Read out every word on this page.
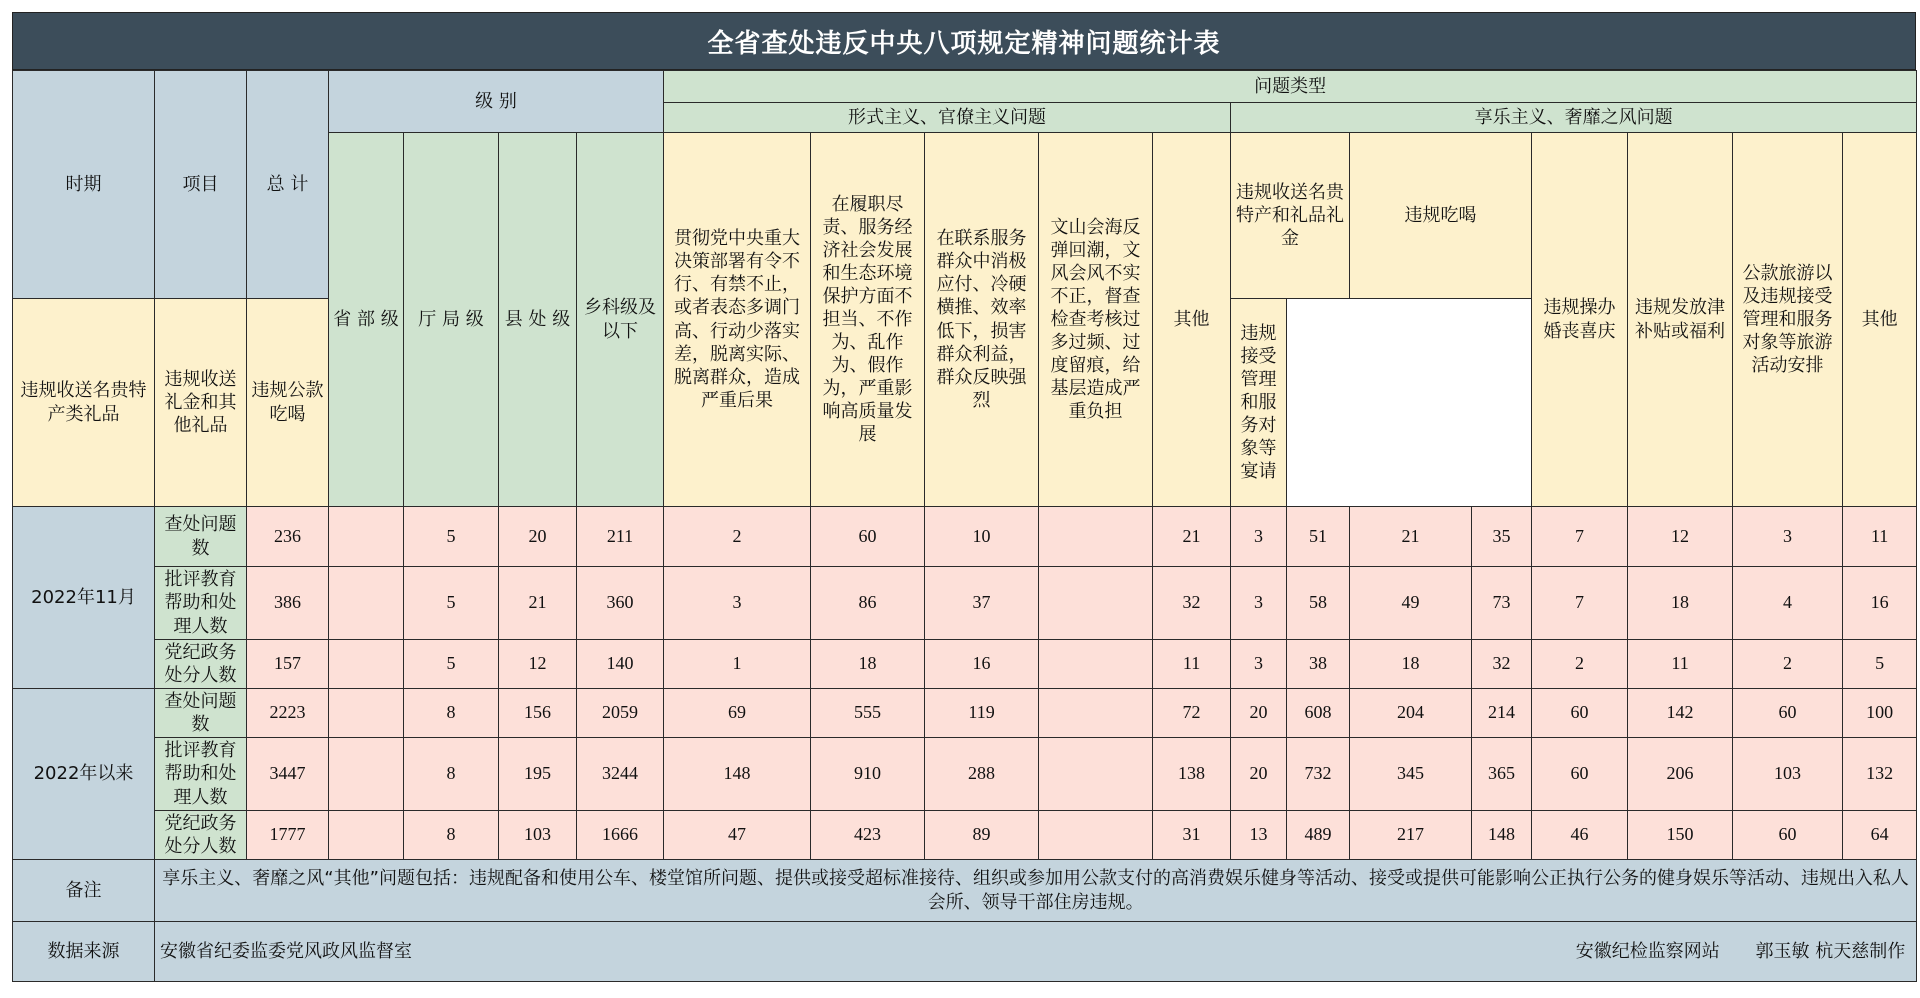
全省查处违反中央八项规定精神问题统计表
时期	项目	总 计	级 别				问题类型												
							形式主义、官僚主义问题					享乐主义、奢靡之风问题							
			省 部 级	厅 局 级	县 处 级	乡科级及以下	贯彻党中央重大决策部署有令不行、有禁不止，或者表态多调门高、行动少落实差，脱离实际、脱离群众，造成严重后果	在履职尽责、服务经济社会发展和生态环境保护方面不担当、不作为、乱作为、假作为，严重影响高质量发展	在联系服务群众中消极应付、冷硬横推、效率低下，损害群众利益，群众反映强烈	文山会海反弹回潮，文风会风不实不正，督查检查考核过多过频、过度留痕，给基层造成严重负担	其他	违规收送名贵特产和礼品礼金		违规吃喝		违规操办婚丧喜庆	违规发放津补贴或福利	公款旅游以及违规接受管理和服务对象等旅游活动安排	其他
违规收送名贵特产类礼品	违规收送礼金和其他礼品	违规公款吃喝										违规接受管理和服务对象等宴请							
2022年11月	查处问题数	236		5	20	211	2	60	10		21	3	51	21	35	7	12	3	11
	批评教育帮助和处理人数	386		5	21	360	3	86	37		32	3	58	49	73	7	18	4	16
	党纪政务处分人数	157		5	12	140	1	18	16		11	3	38	18	32	2	11	2	5
2022年以来	查处问题数	2223		8	156	2059	69	555	119		72	20	608	204	214	60	142	60	100
	批评教育帮助和处理人数	3447		8	195	3244	148	910	288		138	20	732	345	365	60	206	103	132
	党纪政务处分人数	1777		8	103	1666	47	423	89		31	13	489	217	148	46	150	60	64
备注	享乐主义、奢靡之风“其他”问题包括：违规配备和使用公车、楼堂馆所问题、提供或接受超标准接待、组织或参加用公款支付的高消费娱乐健身等活动、接受或提供可能影响公正执行公务的健身娱乐等活动、违规出入私人会所、领导干部住房违规。																		
数据来源	安徽省纪委监委党风政风监督室 安徽纪检监察网站 郭玉敏 杭天慈制作																		
